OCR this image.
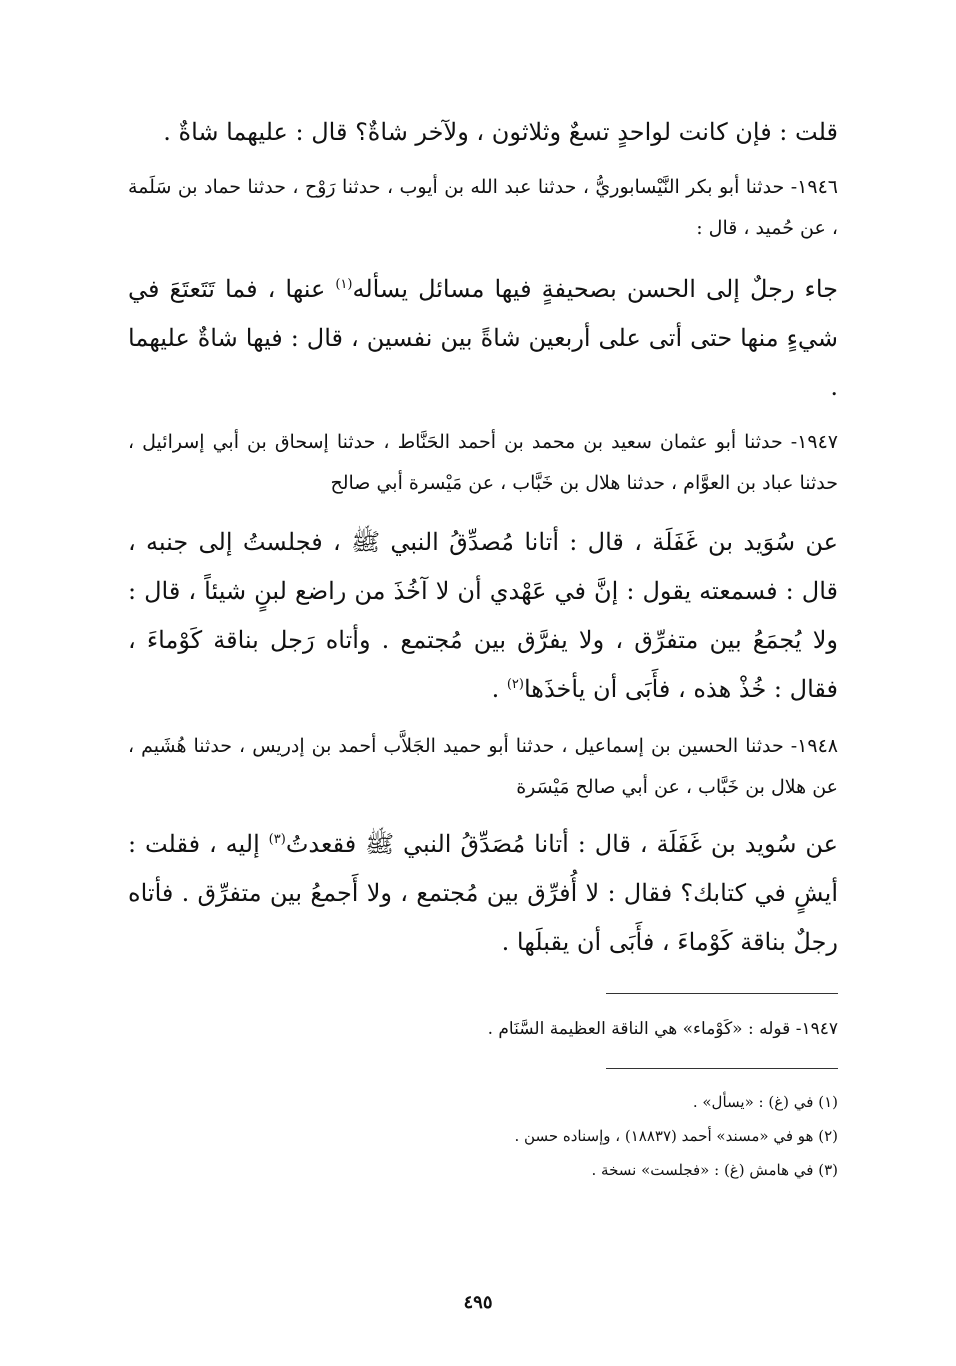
قلت : فإن كانت لواحدٍ تسعٌ وثلاثون ، ولآخر شاةٌ؟ قال : عليهما شاةٌ .

١٩٤٦- حدثنا أبو بكر النَّيْسابوريُّ ، حدثنا عبد الله بن أيوب ، حدثنا رَوْح ، حدثنا حماد بن سَلَمة ، عن حُميد ، قال :

جاء رجلٌ إلى الحسن بصحيفةٍ فيها مسائل يسأله$^{(١)}$ عنها ، فما تَتَعتَعَ في شيءٍ منها حتى أتى على أربعين شاةً بين نفسين ، قال : فيها شاةٌ عليهما .

١٩٤٧- حدثنا أبو عثمان سعيد بن محمد بن أحمد الحَنَّاط ، حدثنا إسحاق بن أبي إسرائيل ، حدثنا عباد بن العوَّام ، حدثنا هلال بن خَبَّاب ، عن مَيْسرة أبي صالح

عن سُوَيد بن غَفَلَة ، قال : أتانا مُصدِّقُ النبي ﷺ ، فجلستُ إلى جنبه ، قال : فسمعته يقول : إنَّ في عَهْدي أن لا آخُذَ من راضع لبنٍ شيئاً ، قال : ولا يُجمَعُ بين متفرِّق ، ولا يفرَّق بين مُجتمع . وأتاه رَجل بناقة كَوْماءَ ، فقال : خُذْ هذه ، فأَبَى أن يأخذَها$^{(٢)}$ .

١٩٤٨- حدثنا الحسين بن إسماعيل ، حدثنا أبو حميد الجَلاَّب أحمد بن إدريس ، حدثنا هُشَيم ، عن هلال بن خَبَّاب ، عن أبي صالح مَيْسَرة

عن سُويد بن غَفَلَة ، قال : أتانا مُصَدِّقُ النبي ﷺ فقعدتُ$^{(٣)}$ إليه ، فقلت : أيشٍ في كتابك؟ فقال : لا أُفرِّق بين مُجتمع ، ولا أَجمعُ بين متفرِّق . فأتاه رجلٌ بناقة كَوْماءَ ، فأَبَى أن يقبلَها .

١٩٤٧- قوله : «كَوْماء» هي الناقة العظيمة السَّنَام .

(١) في (غ) : «يسأل» .

(٢) هو في «مسند» أحمد (١٨٨٣٧) ، وإسناده حسن .

(٣) في هامش (غ) : «فجلست» نسخة .

٤٩٥
